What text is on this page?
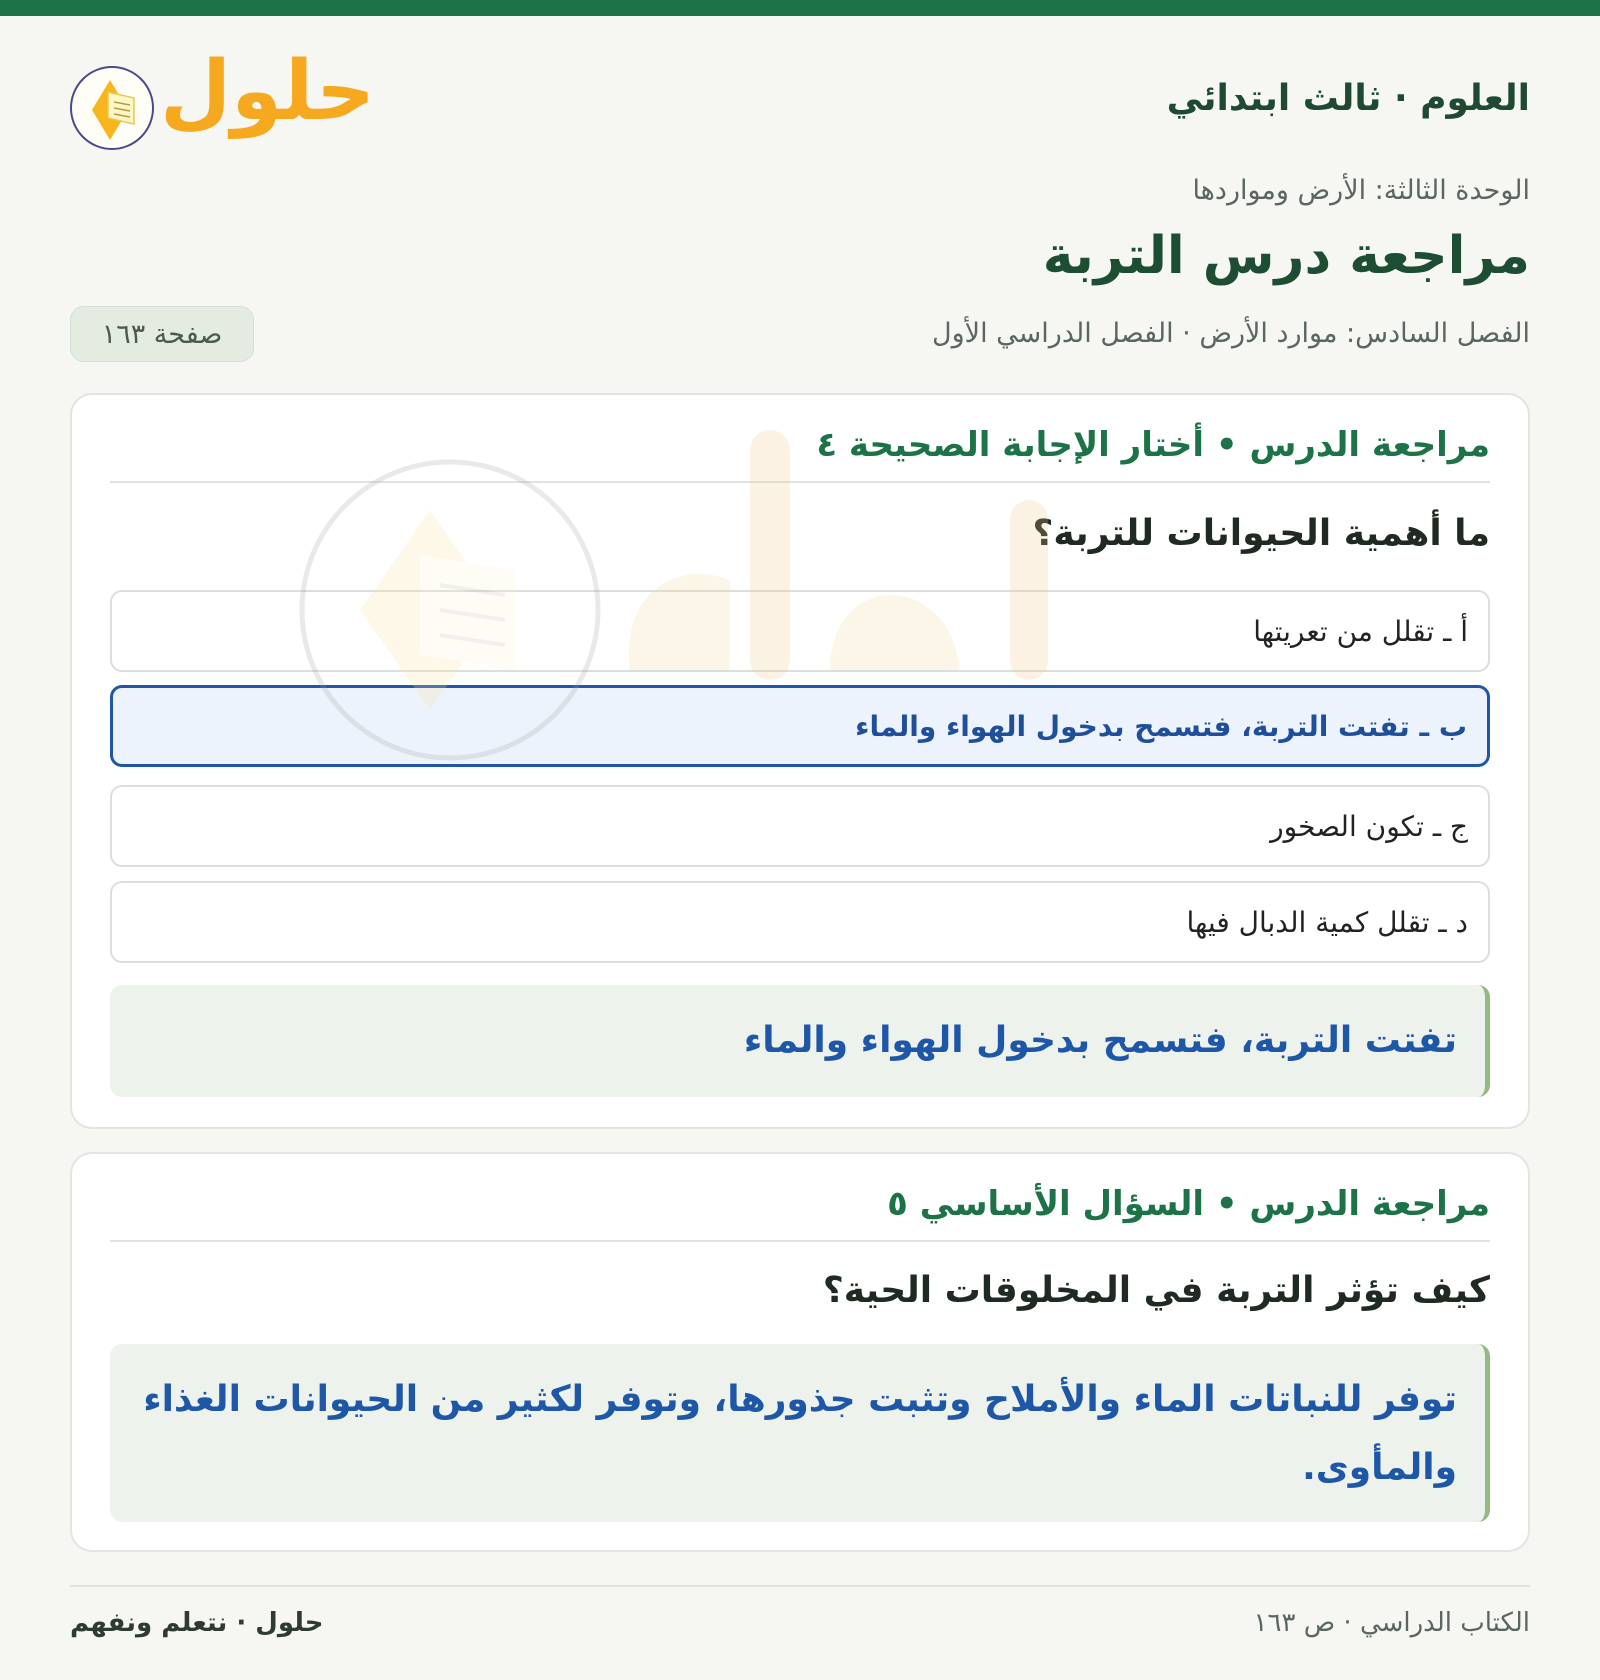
العلوم · ثالث ابتدائي
حلول
الوحدة الثالثة: الأرض ومواردها
مراجعة درس التربة
الفصل السادس: موارد الأرض · الفصل الدراسي الأول
صفحة ١٦٣
مراجعة الدرس • أختار الإجابة الصحيحة ٤
ما أهمية الحيوانات للتربة؟
أ ـ تقلل من تعريتها
ب ـ تفتت التربة، فتسمح بدخول الهواء والماء
ج ـ تكون الصخور
د ـ تقلل كمية الدبال فيها
تفتت التربة، فتسمح بدخول الهواء والماء
مراجعة الدرس • السؤال الأساسي ٥
كيف تؤثر التربة في المخلوقات الحية؟
توفر للنباتات الماء والأملاح وتثبت جذورها، وتوفر لكثير من الحيوانات الغذاء والمأوى.
الكتاب الدراسي · ص ١٦٣
حلول · نتعلم ونفهم
